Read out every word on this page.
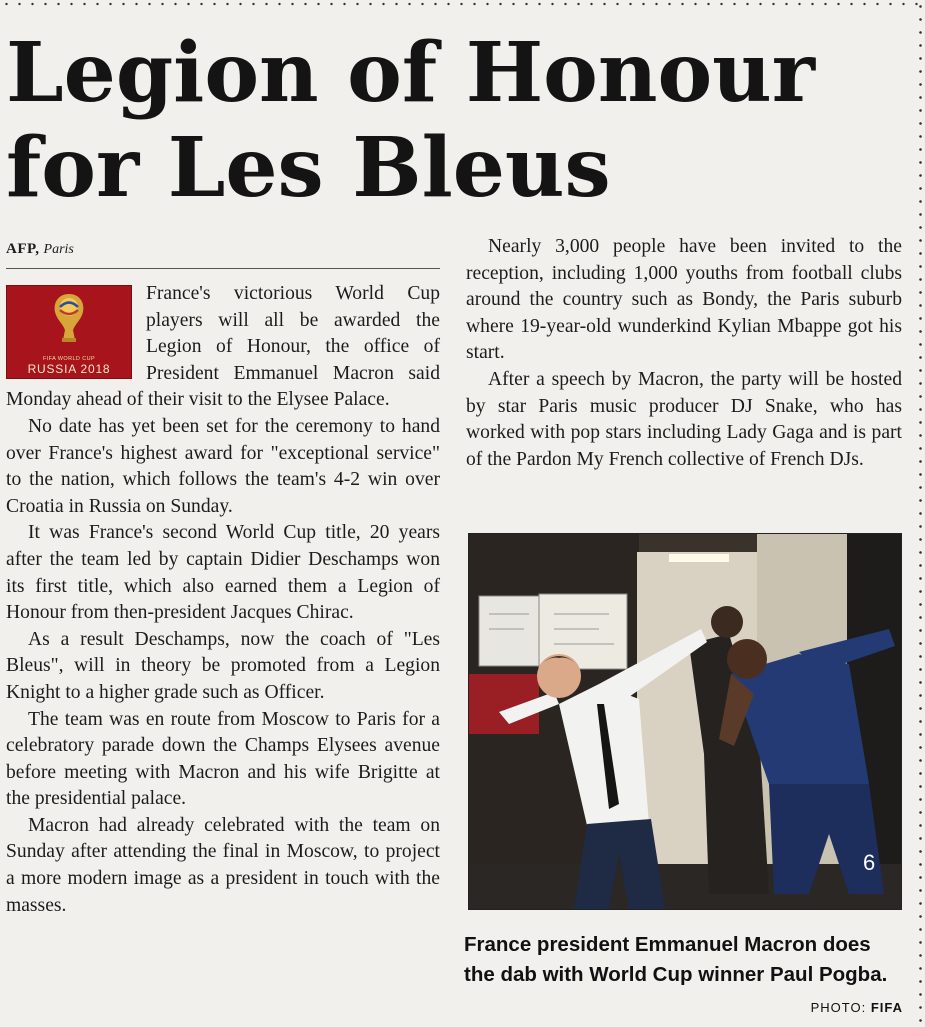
Legion of Honour
for Les Bleus
AFP, Paris
FIFA WORLD CUP
RUSSIA 2018

France's victorious World Cup players will all be awarded the Legion of Honour, the office of President Emmanuel Macron said Monday ahead of their visit to the Elysee Palace.

No date has yet been set for the ceremony to hand over France's highest award for "exceptional service" to the nation, which follows the team's 4-2 win over Croatia in Russia on Sunday.

It was France's second World Cup title, 20 years after the team led by captain Didier Deschamps won its first title, which also earned them a Legion of Honour from then-president Jacques Chirac.

As a result Deschamps, now the coach of "Les Bleus", will in theory be promoted from a Legion Knight to a higher grade such as Officer.

The team was en route from Moscow to Paris for a celebratory parade down the Champs Elysees avenue before meeting with Macron and his wife Brigitte at the presidential palace.

Macron had already celebrated with the team on Sunday after attending the final in Moscow, to project a more modern image as a president in touch with the masses.

Nearly 3,000 people have been invited to the reception, including 1,000 youths from football clubs around the country such as Bondy, the Paris suburb where 19-year-old wunderkind Kylian Mbappe got his start.

After a speech by Macron, the party will be hosted by star Paris music producer DJ Snake, who has worked with pop stars including Lady Gaga and is part of the Pardon My French collective of French DJs.

6
France president Emmanuel Macron does the dab with World Cup winner Paul Pogba.
PHOTO: FIFA
